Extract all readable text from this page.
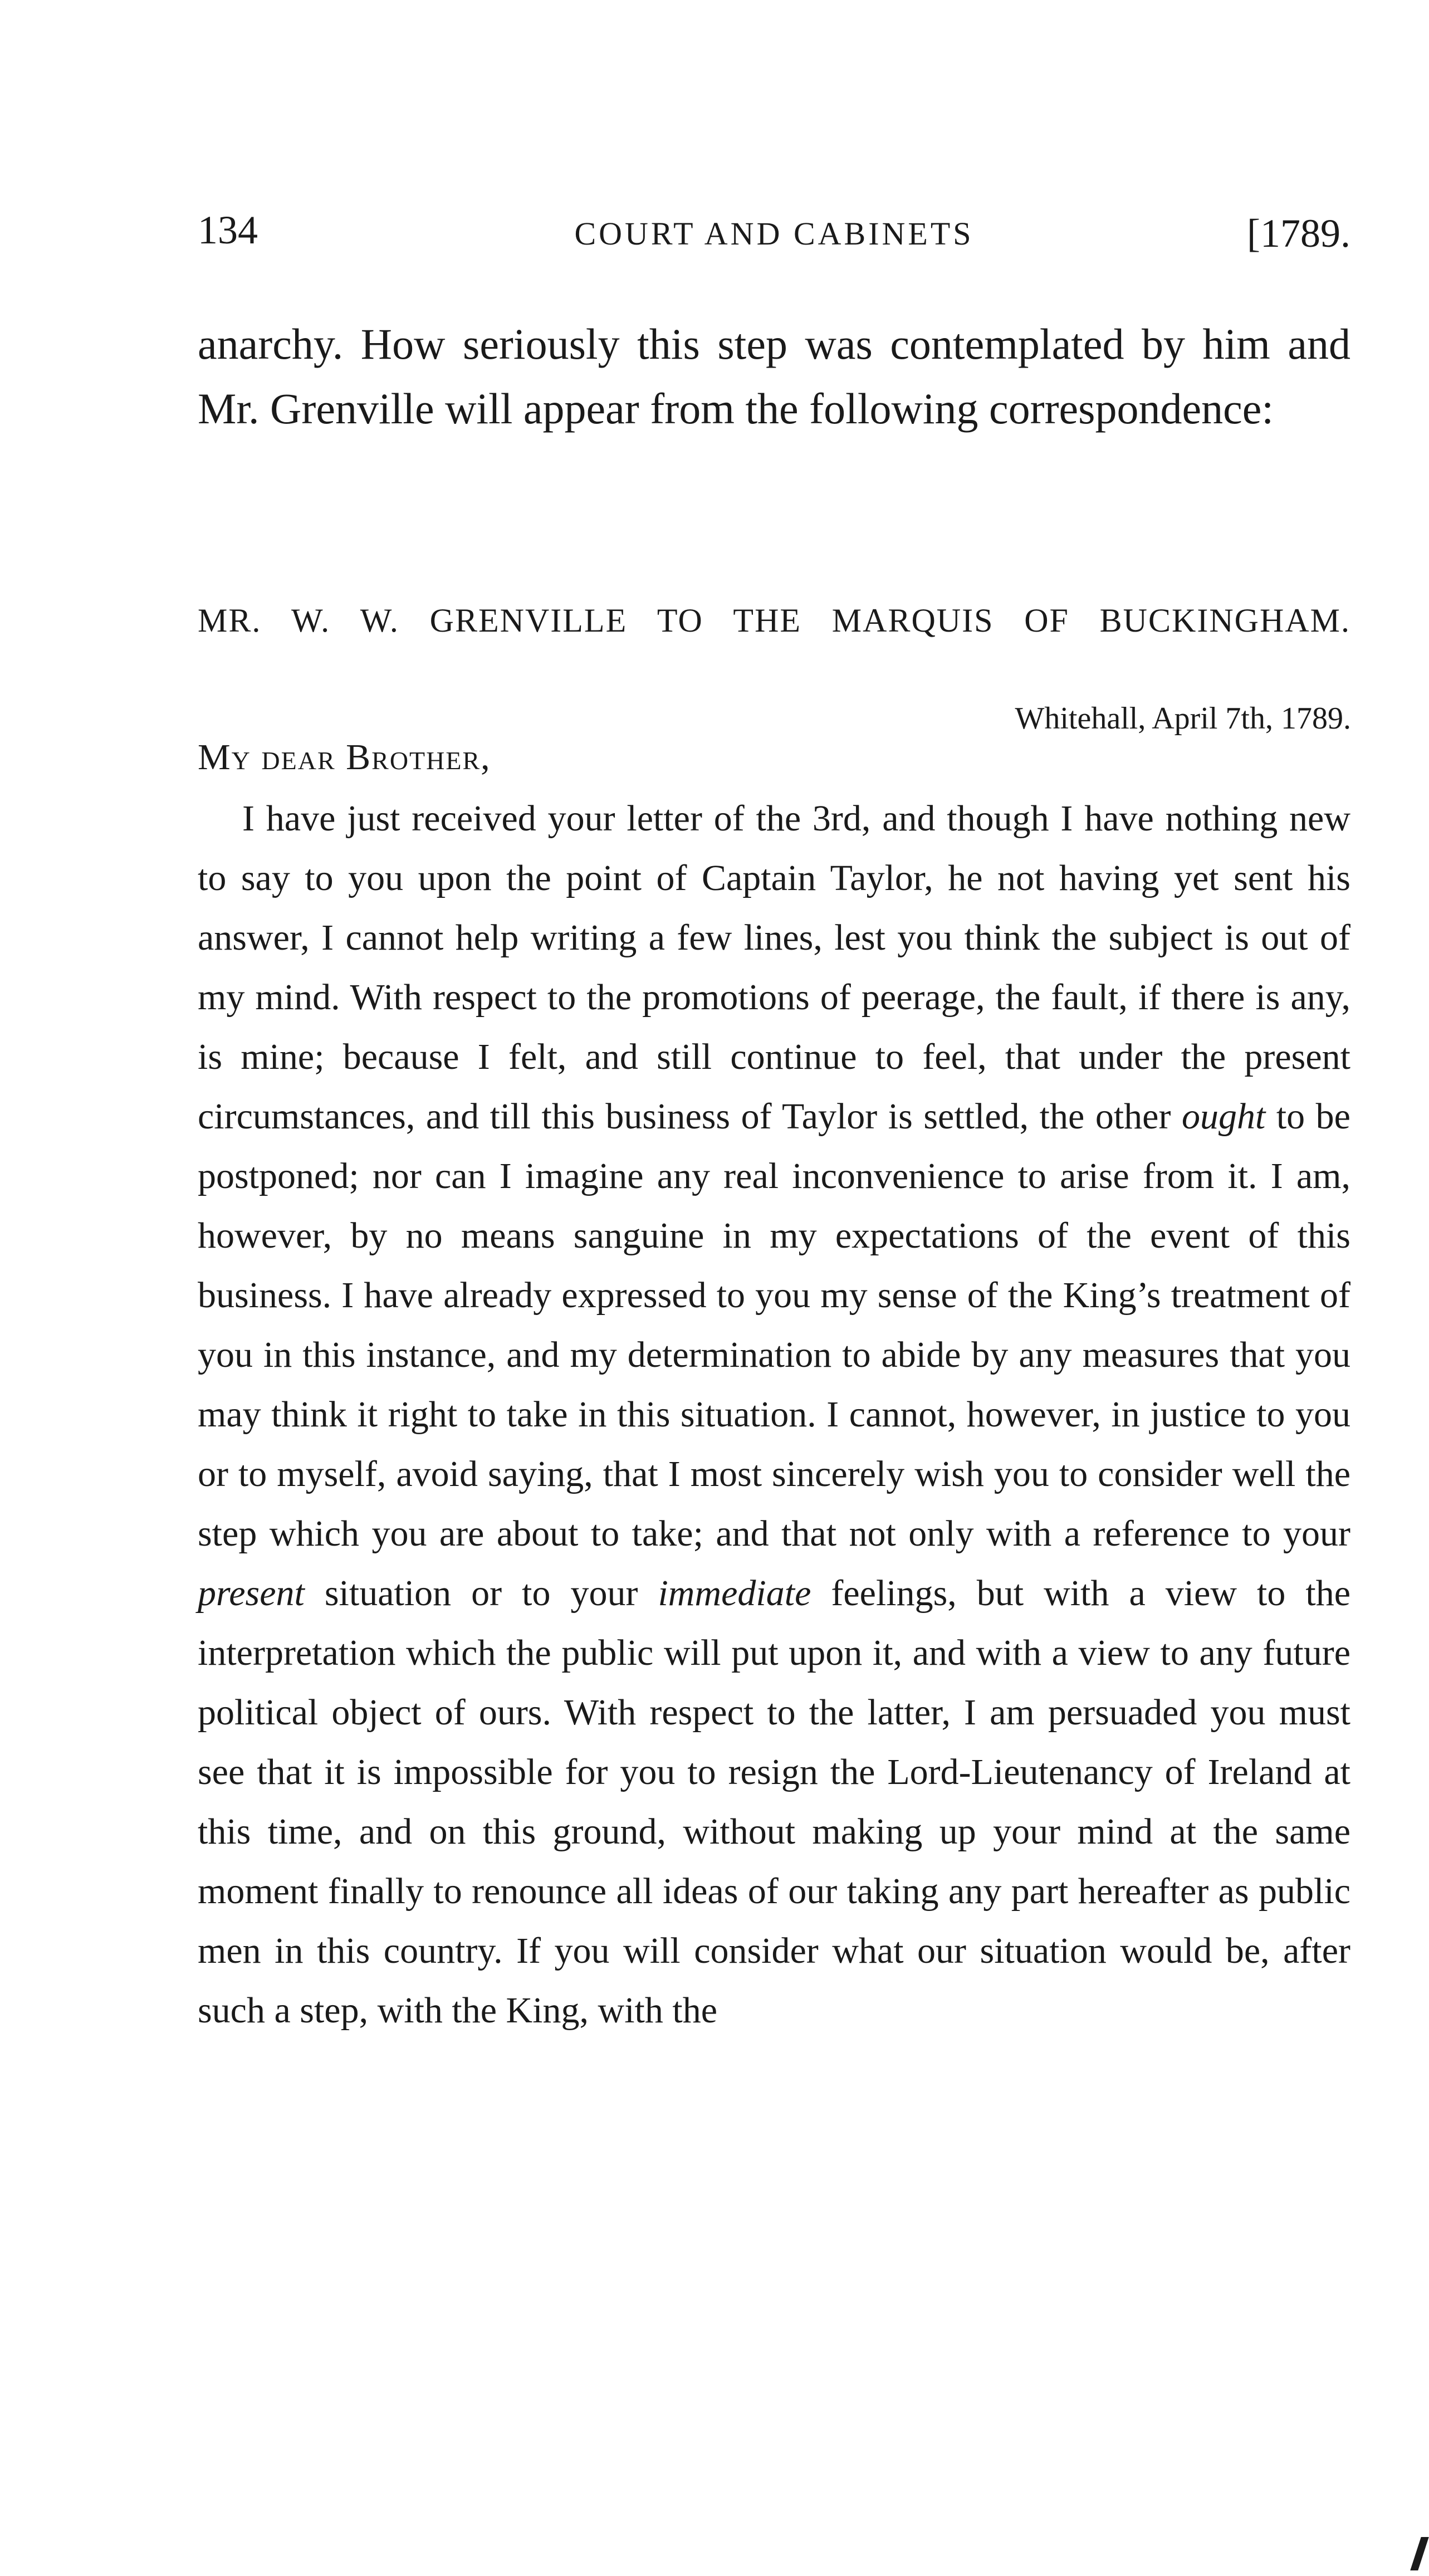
134	COURT AND CABINETS	[1789.

anarchy. How seriously this step was contemplated by him and Mr. Grenville will appear from the following correspondence:

MR. W. W. GRENVILLE TO THE MARQUIS OF BUCKINGHAM.
Whitehall, April 7th, 1789.
My dear Brother,

I have just received your letter of the 3rd, and though I have nothing new to say to you upon the point of Captain Taylor, he not having yet sent his answer, I cannot help writing a few lines, lest you think the subject is out of my mind. With respect to the promotions of peerage, the fault, if there is any, is mine; because I felt, and still continue to feel, that under the present circumstances, and till this business of Taylor is settled, the other ought to be postponed; nor can I imagine any real inconvenience to arise from it. I am, however, by no means sanguine in my expectations of the event of this business. I have already expressed to you my sense of the King’s treatment of you in this instance, and my determination to abide by any measures that you may think it right to take in this situation. I cannot, however, in justice to you or to myself, avoid saying, that I most sincerely wish you to consider well the step which you are about to take; and that not only with a reference to your present situation or to your immediate feelings, but with a view to the interpretation which the public will put upon it, and with a view to any future political object of ours. With respect to the latter, I am persuaded you must see that it is impossible for you to resign the Lord-Lieutenancy of Ireland at this time, and on this ground, without making up your mind at the same moment finally to renounce all ideas of our taking any part hereafter as public men in this country. If you will consider what our situation would be, after such a step, with the King, with the
